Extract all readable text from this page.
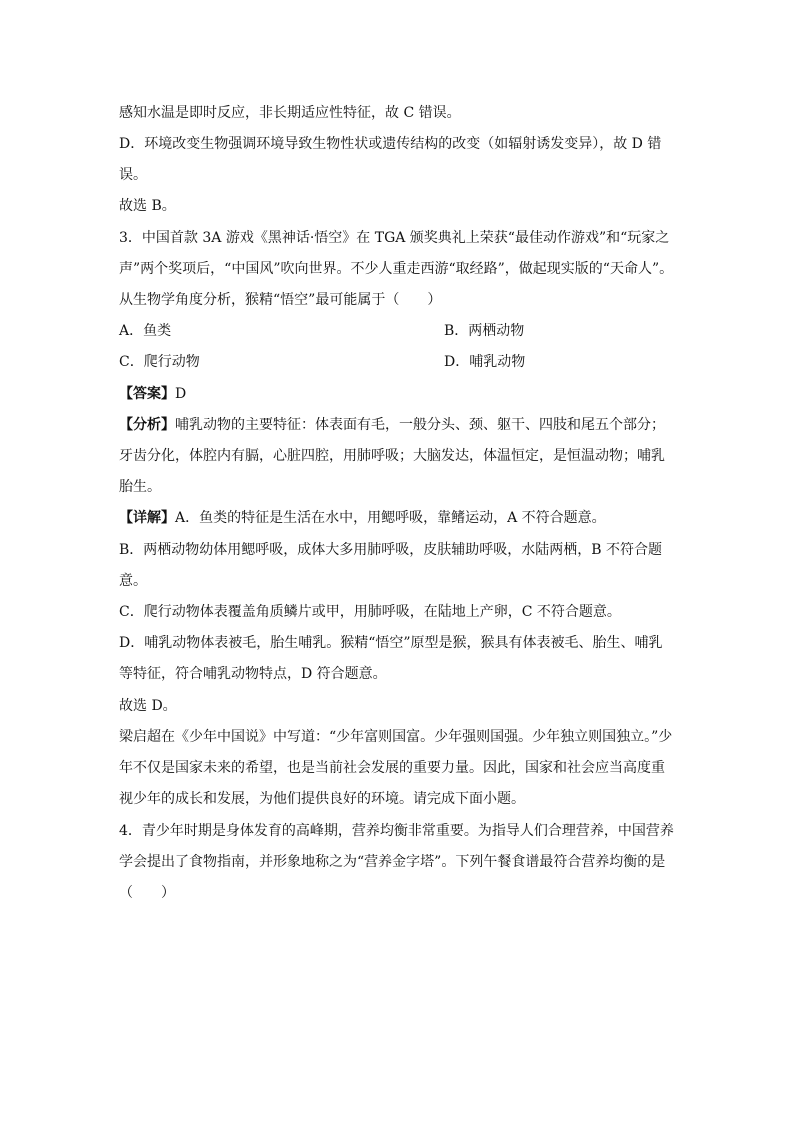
感知水温是即时反应，非长期适应性特征，故 C 错误。
D．环境改变生物强调环境导致生物性状或遗传结构的改变（如辐射诱发变异），故 D 错
误。
故选 B。
3．中国首款 3A 游戏《黑神话·悟空》在 TGA 颁奖典礼上荣获“最佳动作游戏”和“玩家之
声”两个奖项后，“中国风”吹向世界。不少人重走西游“取经路”，做起现实版的“天命人”。
从生物学角度分析，猴精“悟空”最可能属于（　　）
A．鱼类	B．两栖动物
C．爬行动物	D．哺乳动物
【答案】D
【分析】哺乳动物的主要特征：体表面有毛，一般分头、颈、躯干、四肢和尾五个部分；
牙齿分化，体腔内有膈，心脏四腔，用肺呼吸；大脑发达，体温恒定，是恒温动物；哺乳
胎生。
【详解】A．鱼类的特征是生活在水中，用鳃呼吸，靠鳍运动，A 不符合题意。
B．两栖动物幼体用鳃呼吸，成体大多用肺呼吸，皮肤辅助呼吸，水陆两栖，B 不符合题
意。
C．爬行动物体表覆盖角质鳞片或甲，用肺呼吸，在陆地上产卵，C 不符合题意。
D．哺乳动物体表被毛，胎生哺乳。猴精“悟空”原型是猴，猴具有体表被毛、胎生、哺乳
等特征，符合哺乳动物特点，D 符合题意。
故选 D。
梁启超在《少年中国说》中写道：“少年富则国富。少年强则国强。少年独立则国独立。”少
年不仅是国家未来的希望，也是当前社会发展的重要力量。因此，国家和社会应当高度重
视少年的成长和发展，为他们提供良好的环境。请完成下面小题。
4．青少年时期是身体发育的高峰期，营养均衡非常重要。为指导人们合理营养，中国营养
学会提出了食物指南，并形象地称之为“营养金字塔”。下列午餐食谱最符合营养均衡的是
（　　）
